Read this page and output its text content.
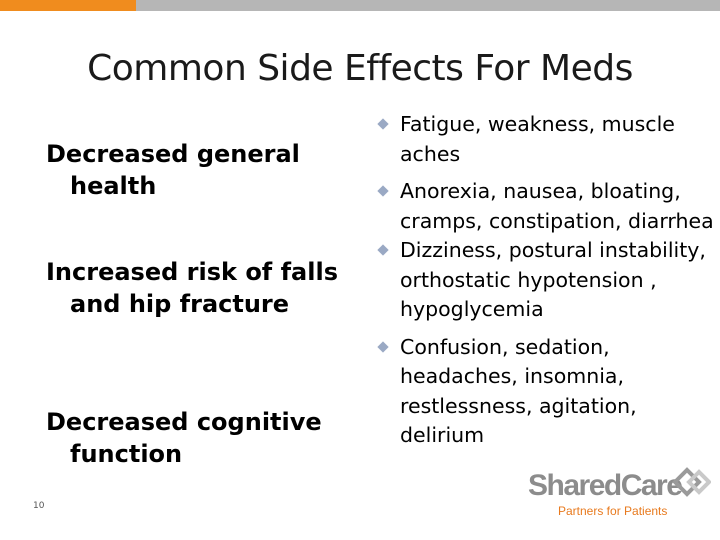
Common Side Effects For Meds
Decreased general health
Increased risk of falls and hip fracture
Decreased cognitive function
Fatigue, weakness, muscle aches
Anorexia, nausea, bloating, cramps, constipation, diarrhea
Dizziness, postural instability, orthostatic hypotension , hypoglycemia
Confusion, sedation, headaches, insomnia, restlessness, agitation, delirium
10
SharedCare
Partners for Patients
